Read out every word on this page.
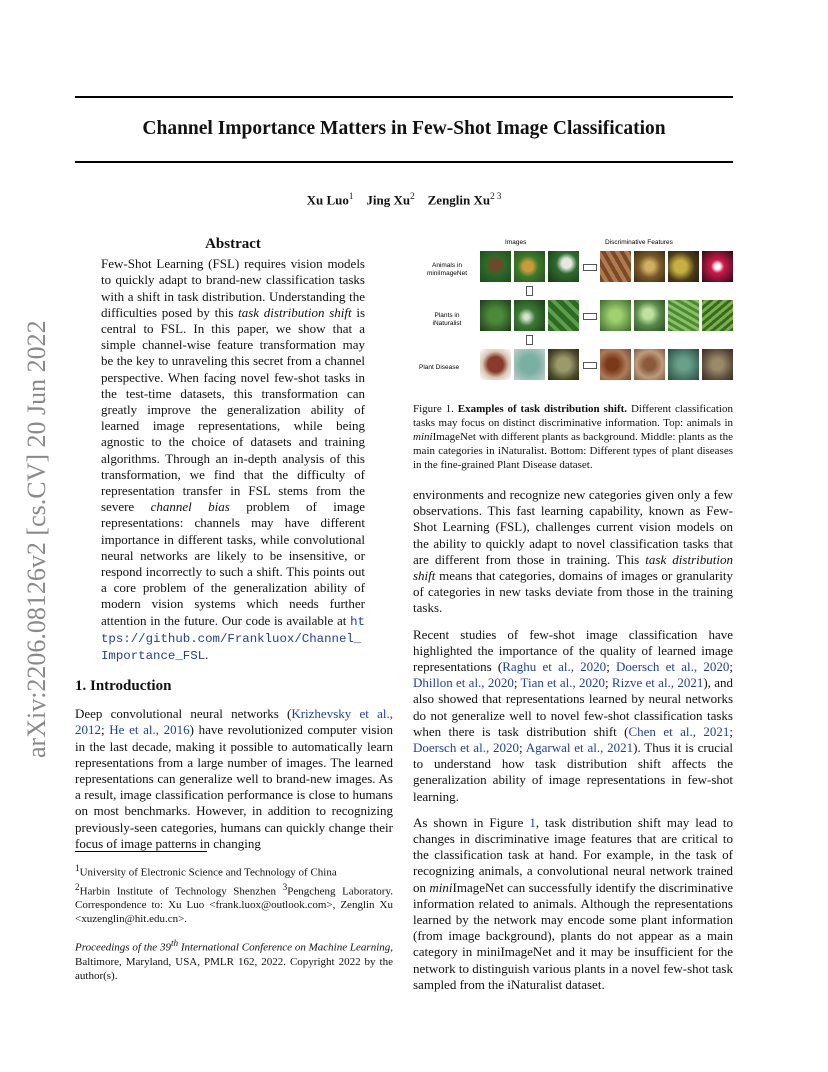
Channel Importance Matters in Few-Shot Image Classification
Xu Luo$^1$ Jing Xu$^2$ Zenglin $Xu^{2 3}$
arXiv:2206.08126v2 [cs.CV] 20 Jun 2022
Abstract

Few-Shot Learning (FSL) requires vision models to quickly adapt to brand-new classification tasks with a shift in task distribution. Understanding the difficulties posed by this task distribution shift is central to FSL. In this paper, we show that a simple channel-wise feature transformation may be the key to unraveling this secret from a channel perspective. When facing novel few-shot tasks in the test-time datasets, this transformation can greatly improve the generalization ability of learned image representations, while being agnostic to the choice of datasets and training algorithms. Through an in-depth analysis of this transformation, we find that the difficulty of representation transfer in FSL stems from the severe channel bias problem of image representations: channels may have different importance in different tasks, while convolutional neural networks are likely to be insensitive, or respond incorrectly to such a shift. This points out a core problem of the generalization ability of modern vision systems which needs further attention in the future. Our code is available at https://github.com/Frankluox/Channel_Importance_FSL.

1. Introduction

Deep convolutional neural networks (Krizhevsky et al., 2012; He et al., 2016) have revolutionized computer vision in the last decade, making it possible to automatically learn representations from a large number of images. The learned representations can generalize well to brand-new images. As a result, image classification performance is close to humans on most benchmarks. However, in addition to recognizing previously-seen categories, humans can quickly change their focus of image patterns in changing

$^1$University of Electronic Science and Technology of China
$^2$Harbin Institute of Technology Shenzhen $^3$Pengcheng Laboratory. Correspondence to: Xu Luo <frank.luox@outlook.com>, Zenglin Xu <xuzenglin@hit.edu.cn>.

Proceedings of the 39th International Conference on Machine Learning, Baltimore, Maryland, USA, PMLR 162, 2022. Copyright 2022 by the author(s).

Images	Discriminative Features
Animals in
miniImageNet
Plants in
iNaturalist
Plant Disease

Figure 1. Examples of task distribution shift. Different classification tasks may focus on distinct discriminative information. Top: animals in miniImageNet with different plants as background. Middle: plants as the main categories in iNaturalist. Bottom: Different types of plant diseases in the fine-grained Plant Disease dataset.

environments and recognize new categories given only a few observations. This fast learning capability, known as Few-Shot Learning (FSL), challenges current vision models on the ability to quickly adapt to novel classification tasks that are different from those in training. This task distribution shift means that categories, domains of images or granularity of categories in new tasks deviate from those in the training tasks.

Recent studies of few-shot image classification have highlighted the importance of the quality of learned image representations (Raghu et al., 2020; Doersch et al., 2020; Dhillon et al., 2020; Tian et al., 2020; Rizve et al., 2021), and also showed that representations learned by neural networks do not generalize well to novel few-shot classification tasks when there is task distribution shift (Chen et al., 2021; Doersch et al., 2020; Agarwal et al., 2021). Thus it is crucial to understand how task distribution shift affects the generalization ability of image representations in few-shot learning.

As shown in Figure 1, task distribution shift may lead to changes in discriminative image features that are critical to the classification task at hand. For example, in the task of recognizing animals, a convolutional neural network trained on miniImageNet can successfully identify the discriminative information related to animals. Although the representations learned by the network may encode some plant information (from image background), plants do not appear as a main category in miniImageNet and it may be insufficient for the network to distinguish various plants in a novel few-shot task sampled from the iNaturalist dataset.
